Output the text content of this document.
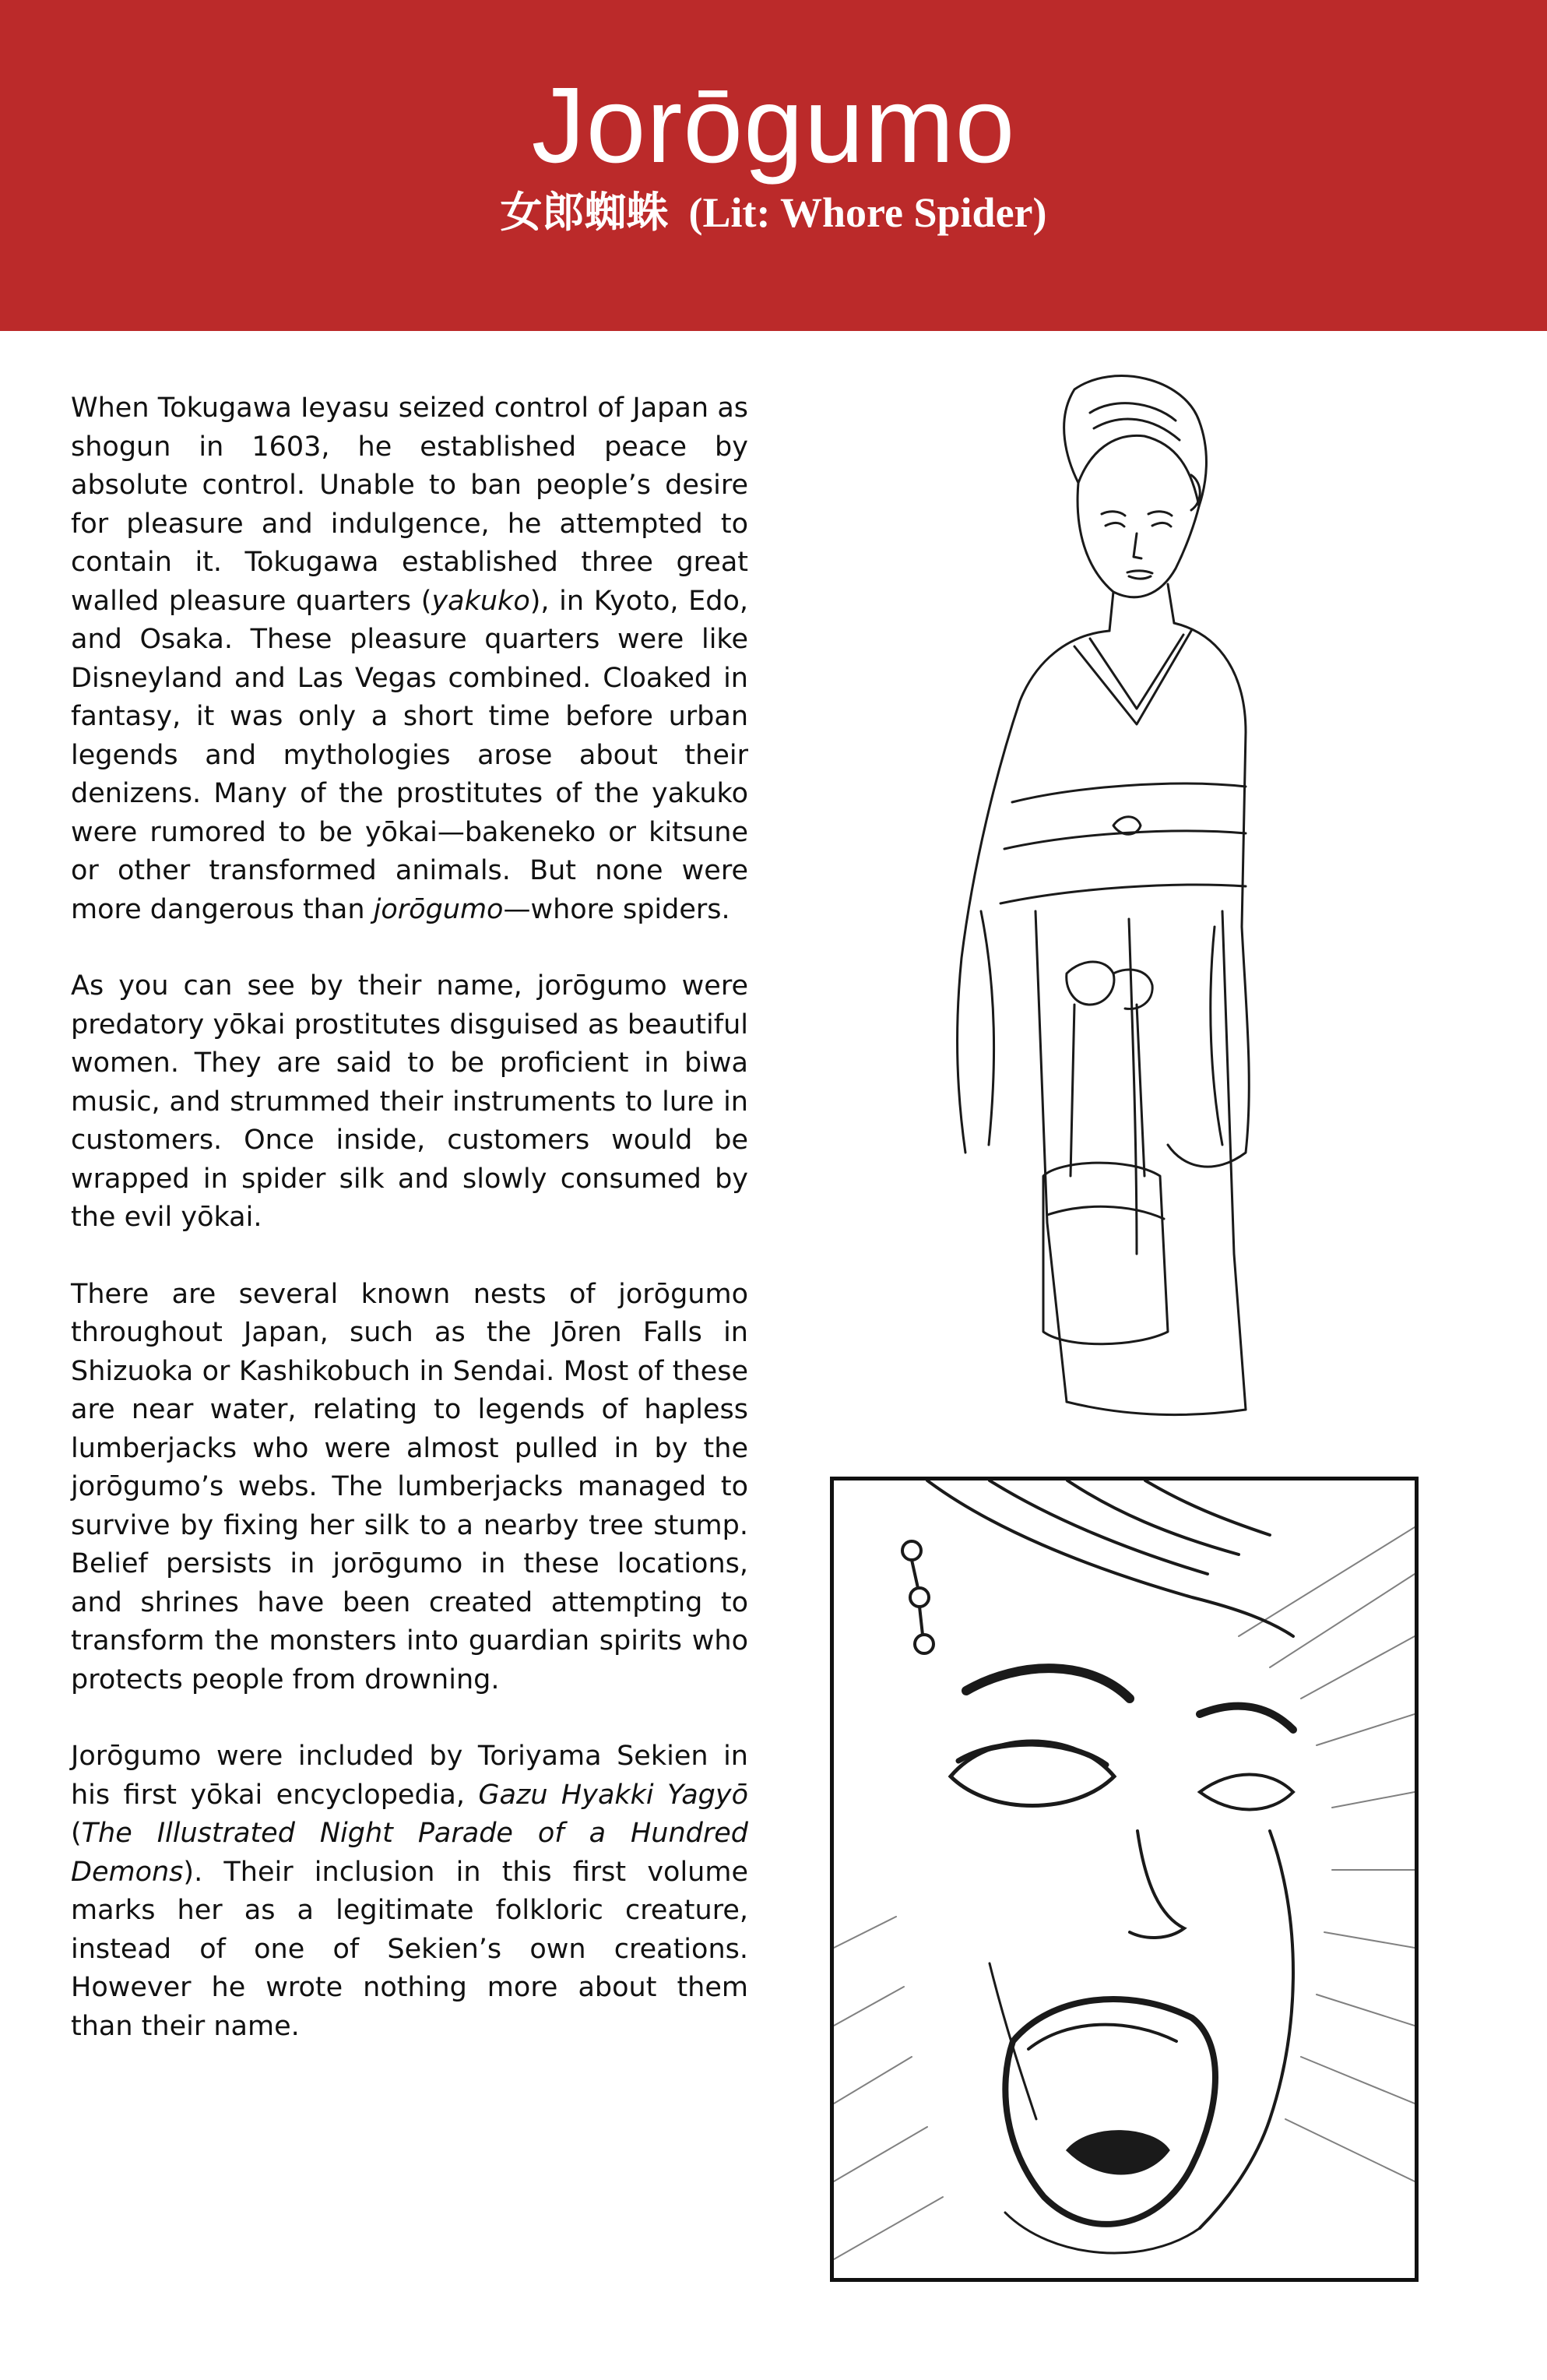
Jorōgumo
女郎蜘蛛 (Lit: Whore Spider)

When Tokugawa Ieyasu seized control of Japan as shogun in 1603, he established peace by absolute control. Unable to ban people’s desire for pleasure and indulgence, he attempted to contain it. Tokugawa established three great walled pleasure quarters (yakuko), in Kyoto, Edo, and Osaka. These pleasure quarters were like Disneyland and Las Vegas combined. Cloaked in fantasy, it was only a short time before urban legends and mythologies arose about their denizens. Many of the prostitutes of the yakuko were rumored to be yōkai—bakeneko or kitsune or other transformed animals. But none were more dangerous than jorōgumo—whore spiders.

As you can see by their name, jorōgumo were predatory yōkai prostitutes disguised as beautiful women. They are said to be proficient in biwa music, and strummed their instruments to lure in customers. Once inside, customers would be wrapped in spider silk and slowly consumed by the evil yōkai.

There are several known nests of jorōgumo throughout Japan, such as the Jōren Falls in Shizuoka or Kashikobuch in Sendai. Most of these are near water, relating to legends of hapless lumberjacks who were almost pulled in by the jorōgumo’s webs. The lumberjacks managed to survive by fixing her silk to a nearby tree stump. Belief persists in jorōgumo in these locations, and shrines have been created attempting to transform the monsters into guardian spirits who protects people from drowning.

Jorōgumo were included by Toriyama Sekien in his first yōkai encyclopedia, Gazu Hyakki Yagyō (The Illustrated Night Parade of a Hundred Demons). Their inclusion in this first volume marks her as a legitimate folkloric creature, instead of one of Sekien’s own creations. However he wrote nothing more about them than their name.
